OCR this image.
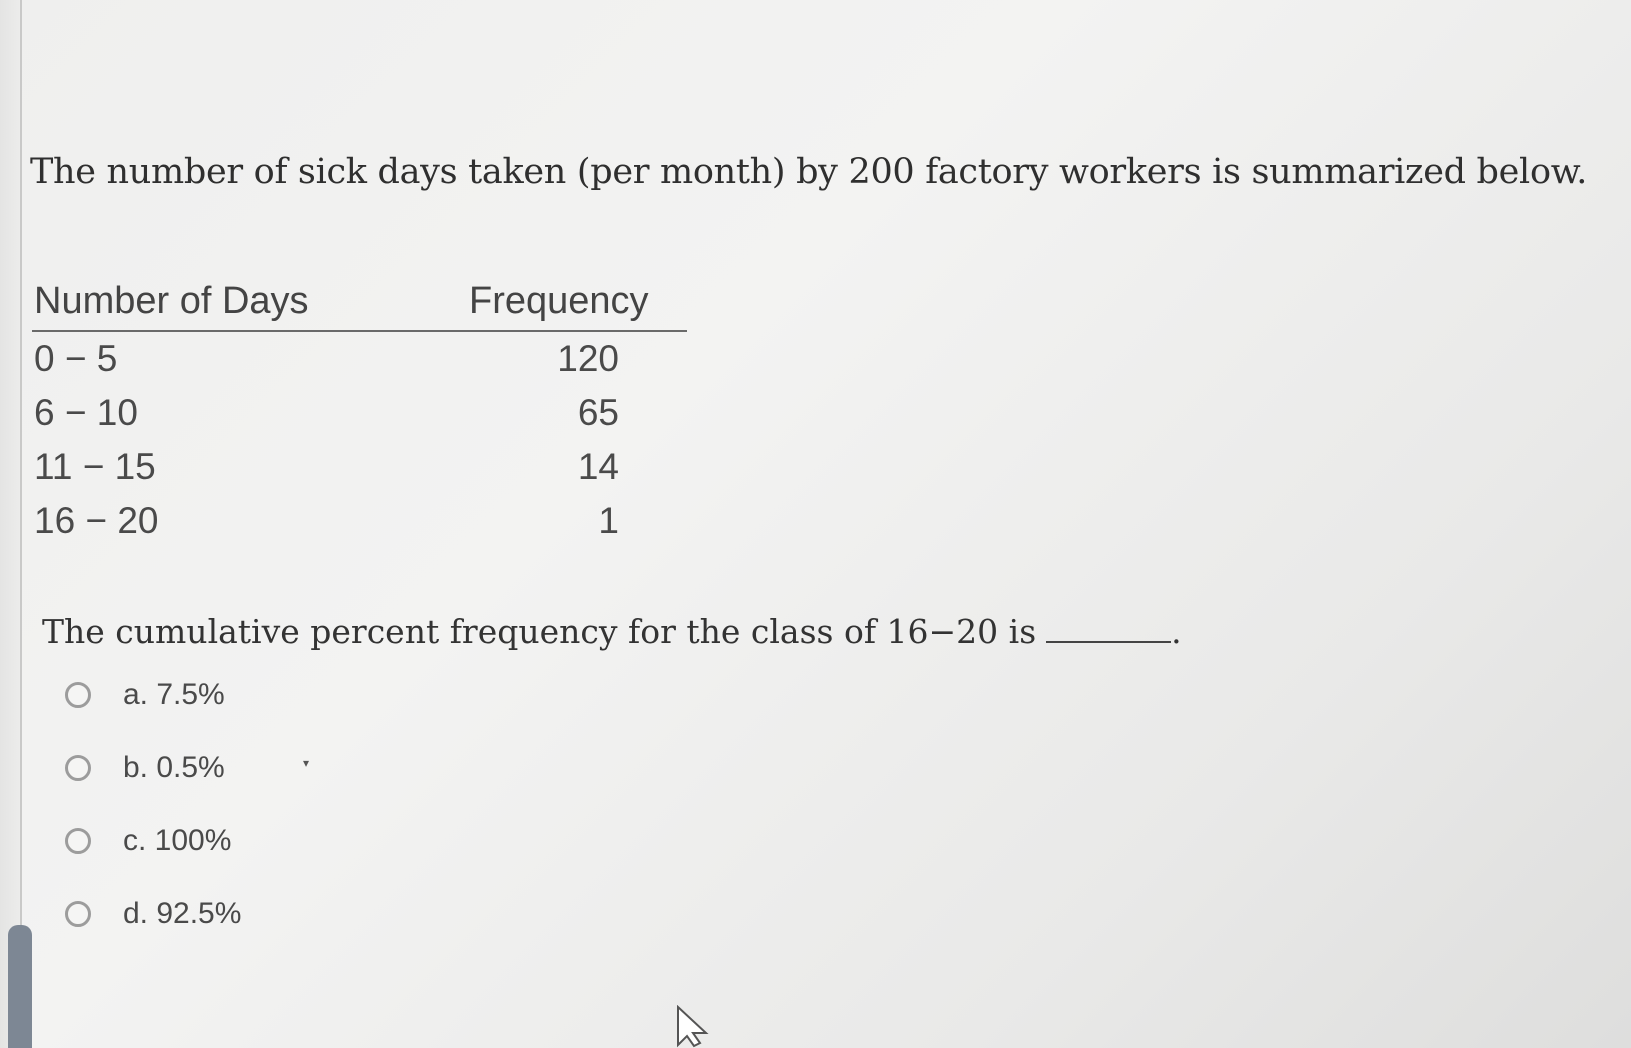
The number of sick days taken (per month) by 200 factory workers is summarized below.
Number of Days	Frequency
0 − 5	120
6 − 10	65
11 − 15	14
16 − 20	1
The cumulative percent frequency for the class of 16−20 is	.
a. 7.5%
b. 0.5%
c. 100%
d. 92.5%
▾
